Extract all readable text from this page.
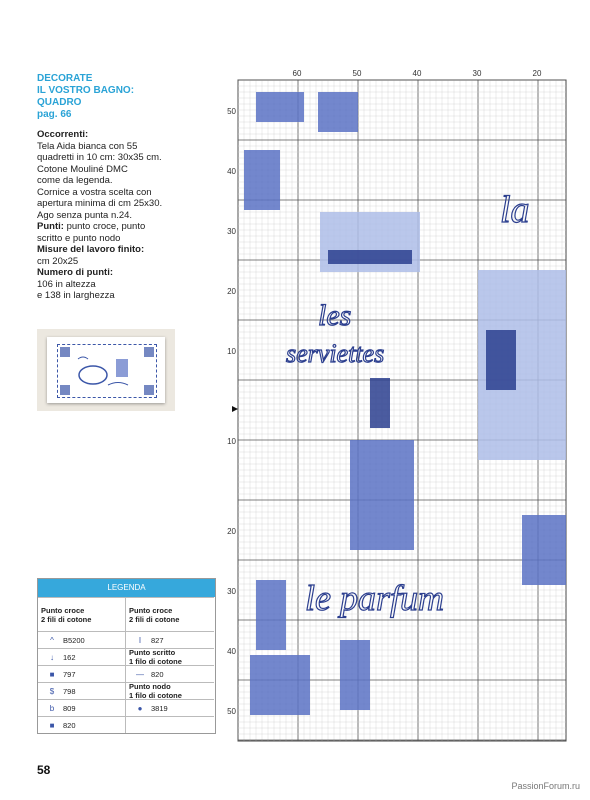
DECORATE
IL VOSTRO BAGNO:
QUADRO
pag. 66
Occorrenti:
Tela Aida bianca con 55
quadretti in 10 cm: 30x35 cm.
Cotone Mouliné DMC
come da legenda.
Cornice a vostra scelta con
apertura minima di cm 25x30.
Ago senza punta n.24.
Punti: punto croce, punto
scritto e punto nodo
Misure del lavoro finito:
cm 20x25
Numero di punti:
106 in altezza
e 138 in larghezza
LEGENDA
Punto croce
2 fili di cotone
Punto croce
2 fili di cotone
^	B5200	I	827
↓	162	Punto scritto
1 filo di cotone
■	797	— 820
$	798	Punto nodo
1 filo di cotone
b	809	●	3819
■	820
60	50	40	30	20
50
40
30
20
10
10
20
30
40
50
les
serviettes
le parfum
la
58
PassionForum.ru
